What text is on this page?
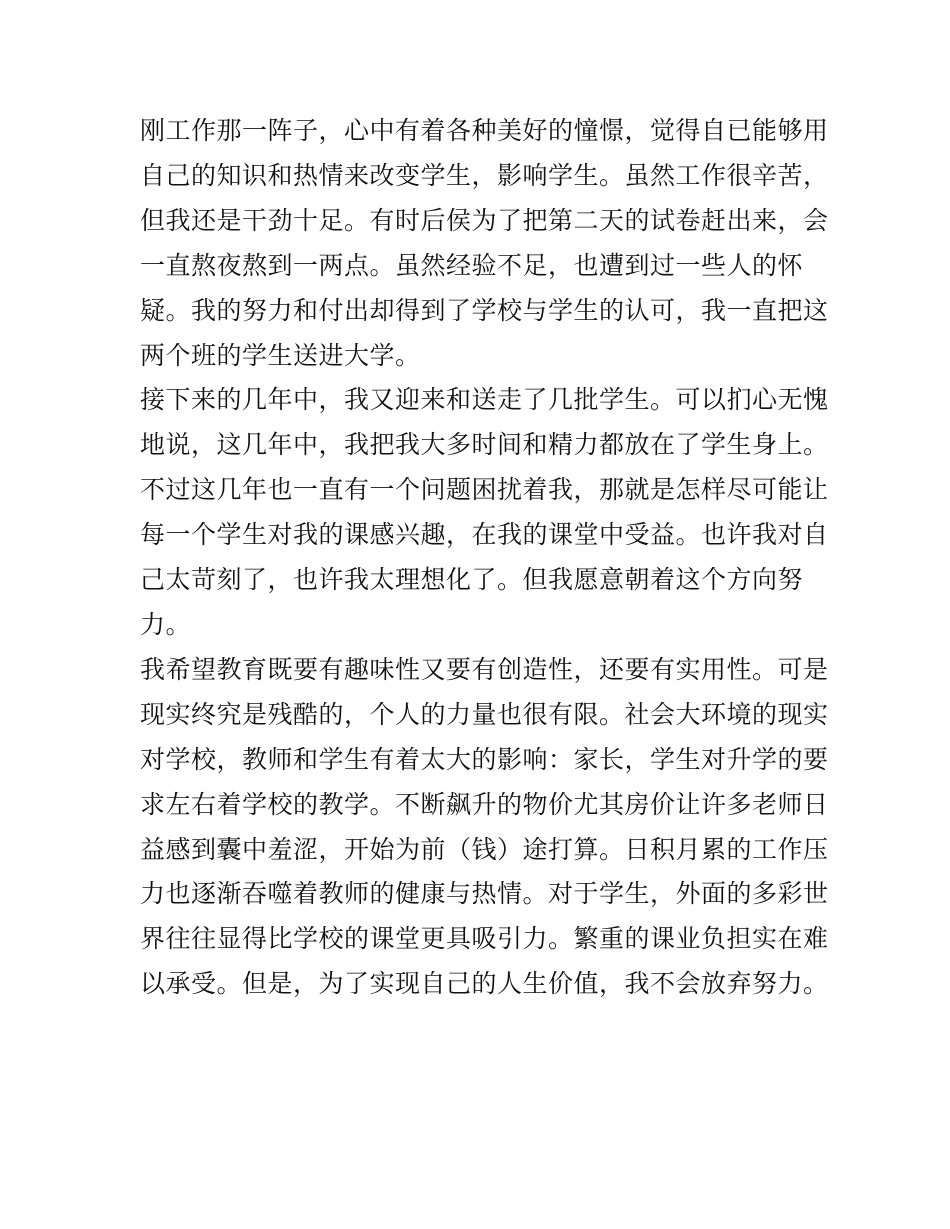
刚工作那一阵子，心中有着各种美好的憧憬，觉得自已能够用
自己的知识和热情来改变学生，影响学生。虽然工作很辛苦，
但我还是干劲十足。有时后侯为了把第二天的试卷赶出来，会
一直熬夜熬到一两点。虽然经验不足，也遭到过一些人的怀
疑。我的努力和付出却得到了学校与学生的认可，我一直把这
两个班的学生送进大学。
接下来的几年中，我又迎来和送走了几批学生。可以扪心无愧
地说，这几年中，我把我大多时间和精力都放在了学生身上。
不过这几年也一直有一个问题困扰着我，那就是怎样尽可能让
每一个学生对我的课感兴趣，在我的课堂中受益。也许我对自
己太苛刻了，也许我太理想化了。但我愿意朝着这个方向努
力。
我希望教育既要有趣味性又要有创造性，还要有实用性。可是
现实终究是残酷的，个人的力量也很有限。社会大环境的现实
对学校，教师和学生有着太大的影响：家长，学生对升学的要
求左右着学校的教学。不断飙升的物价尤其房价让许多老师日
益感到囊中羞涩，开始为前（钱）途打算。日积月累的工作压
力也逐渐吞噬着教师的健康与热情。对于学生，外面的多彩世
界往往显得比学校的课堂更具吸引力。繁重的课业负担实在难
以承受。但是，为了实现自己的人生价值，我不会放弃努力。
